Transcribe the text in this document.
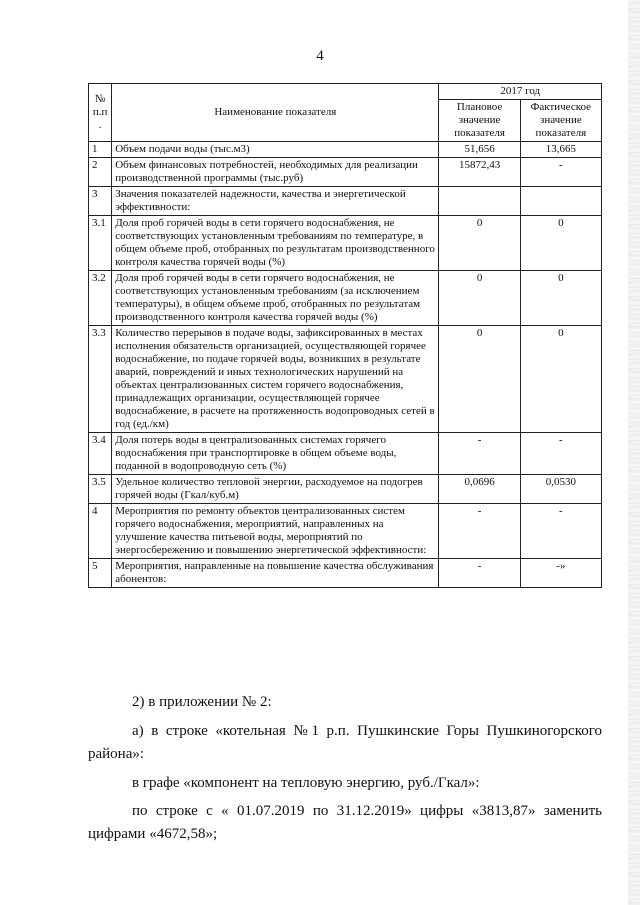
4
№ п.п .	Наименование показателя	2017 год	
		Плановое значение показателя	Фактическое значение показателя
1	Объем подачи воды (тыс.м3)	51,656	13,665
2	Объем финансовых потребностей, необходимых для реализации производственной программы (тыс.руб)	15872,43	-
3	Значения показателей надежности, качества и энергетической эффективности:		
3.1	Доля проб горячей воды в сети горячего водоснабжения, не соответствующих установленным требованиям по температуре, в общем объеме проб, отобранных по результатам производственного контроля качества горячей воды (%)	0	0
3.2	Доля проб горячей воды в сети горячего водоснабжения, не соответствующих установленным требованиям (за исключением температуры), в общем объеме проб, отобранных по результатам производственного контроля качества горячей воды (%)	0	0
3.3	Количество перерывов в подаче воды, зафиксированных в местах исполнения обязательств организацией, осуществляющей горячее водоснабжение, по подаче горячей воды, возникших в результате аварий, повреждений и иных технологических нарушений на объектах централизованных систем горячего водоснабжения, принадлежащих организации, осуществляющей горячее водоснабжение, в расчете на протяженность водопроводных сетей в год (ед./км)	0	0
3.4	Доля потерь воды в централизованных системах горячего водоснабжения при транспортировке в общем объеме воды, поданной в водопроводную сеть (%)	-	-
3.5	Удельное количество тепловой энергии, расходуемое на подогрев горячей воды (Гкал/куб.м)	0,0696	0,0530
4	Мероприятия по ремонту объектов централизованных систем горячего водоснабжения, мероприятий, направленных на улучшение качества питьевой воды, мероприятий по энергосбережению и повышению энергетической эффективности:	-	-
5	Мероприятия, направленные на повышение качества обслуживания абонентов:	-	-»
2) в приложении № 2:
а) в строке «котельная №1 р.п. Пушкинские Горы Пушкиногорского района»:
в графе «компонент на тепловую энергию, руб./Гкал»:
по строке с « 01.07.2019 по 31.12.2019» цифры «3813,87» заменить цифрами «4672,58»;
